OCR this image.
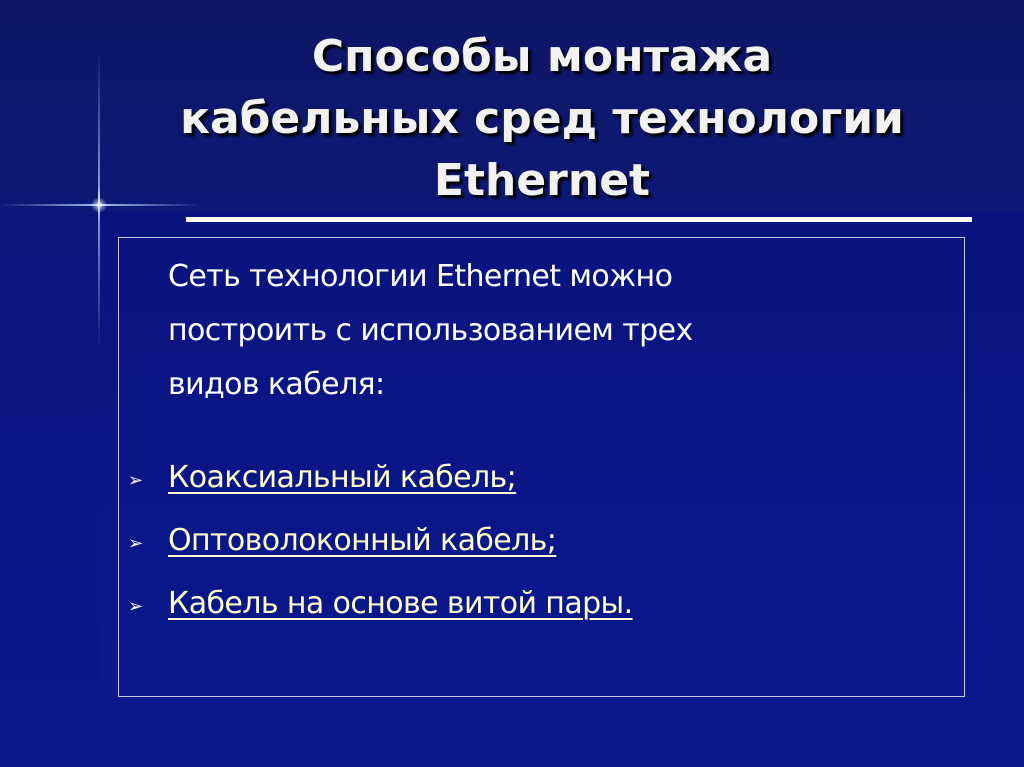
Способы монтажа
кабельных сред технологии
Ethernet

Сеть технологии Ethernet можно
построить с использованием трех
видов кабеля:

➢ Коаксиальный кабель;
➢ Оптоволоконный кабель;
➢ Кабель на основе витой пары.
